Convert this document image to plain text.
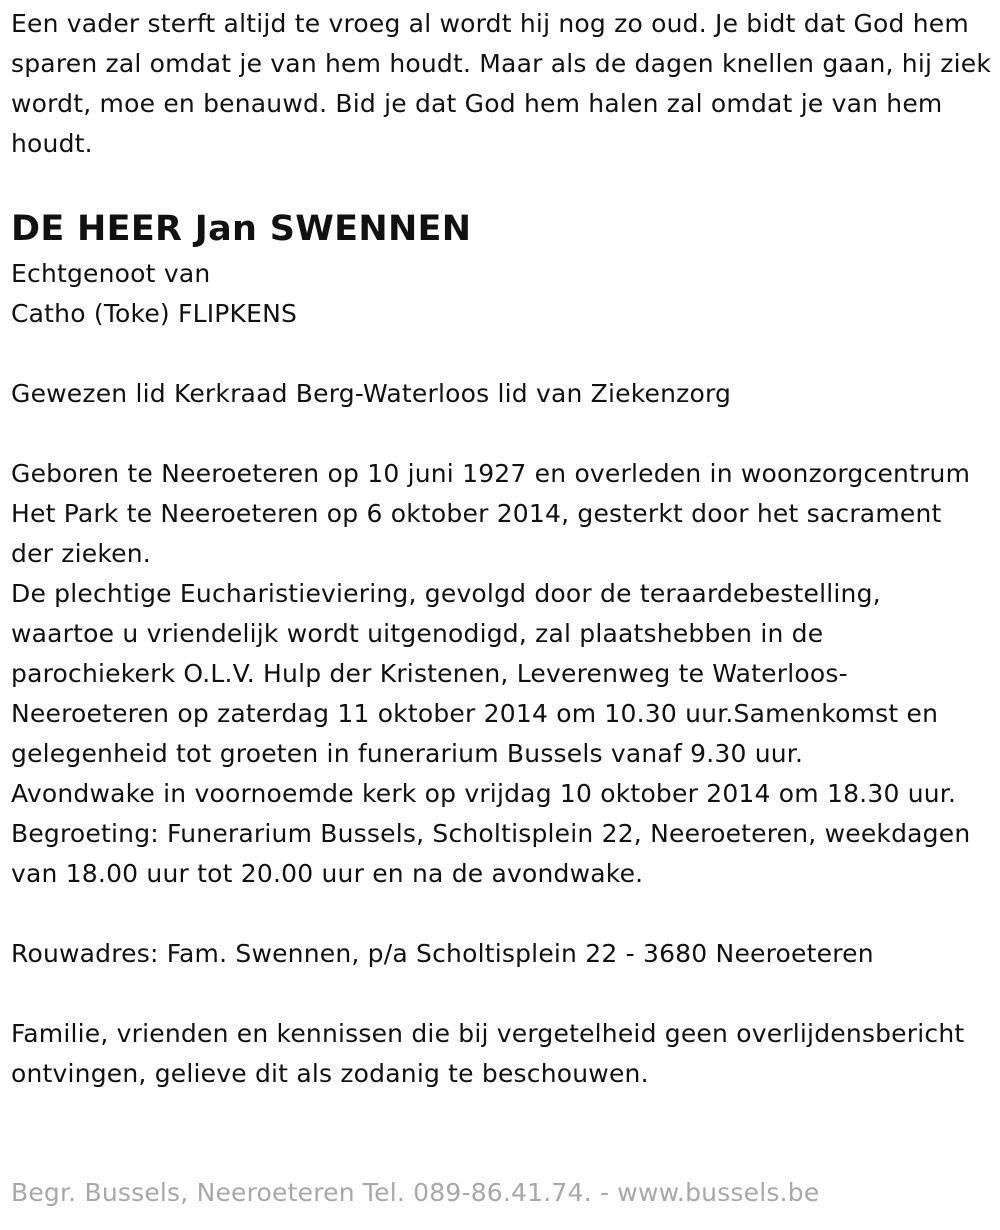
Een vader sterft altijd te vroeg al wordt hij nog zo oud. Je bidt dat God hem sparen zal omdat je van hem houdt. Maar als de dagen knellen gaan, hij ziek wordt, moe en benauwd. Bid je dat God hem halen zal omdat je van hem houdt.

DE HEER Jan SWENNEN

Echtgenoot van

Catho (Toke) FLIPKENS

Gewezen lid Kerkraad Berg-Waterloos lid van Ziekenzorg

Geboren te Neeroeteren op 10 juni 1927 en overleden in woonzorgcentrum Het Park te Neeroeteren op 6 oktober 2014, gesterkt door het sacrament der zieken.

De plechtige Eucharistieviering, gevolgd door de teraardebestelling, waartoe u vriendelijk wordt uitgenodigd, zal plaatshebben in de parochiekerk O.L.V. Hulp der Kristenen, Leverenweg te Waterloos-Neeroeteren op zaterdag 11 oktober 2014 om 10.30 uur.Samenkomst en gelegenheid tot groeten in funerarium Bussels vanaf 9.30 uur.

Avondwake in voornoemde kerk op vrijdag 10 oktober 2014 om 18.30 uur.

Begroeting: Funerarium Bussels, Scholtisplein 22, Neeroeteren, weekdagen van 18.00 uur tot 20.00 uur en na de avondwake.

Rouwadres: Fam. Swennen, p/a Scholtisplein 22 - 3680 Neeroeteren

Familie, vrienden en kennissen die bij vergetelheid geen overlijdensbericht ontvingen, gelieve dit als zodanig te beschouwen.

Begr. Bussels, Neeroeteren Tel. 089-86.41.74. - www.bussels.be
